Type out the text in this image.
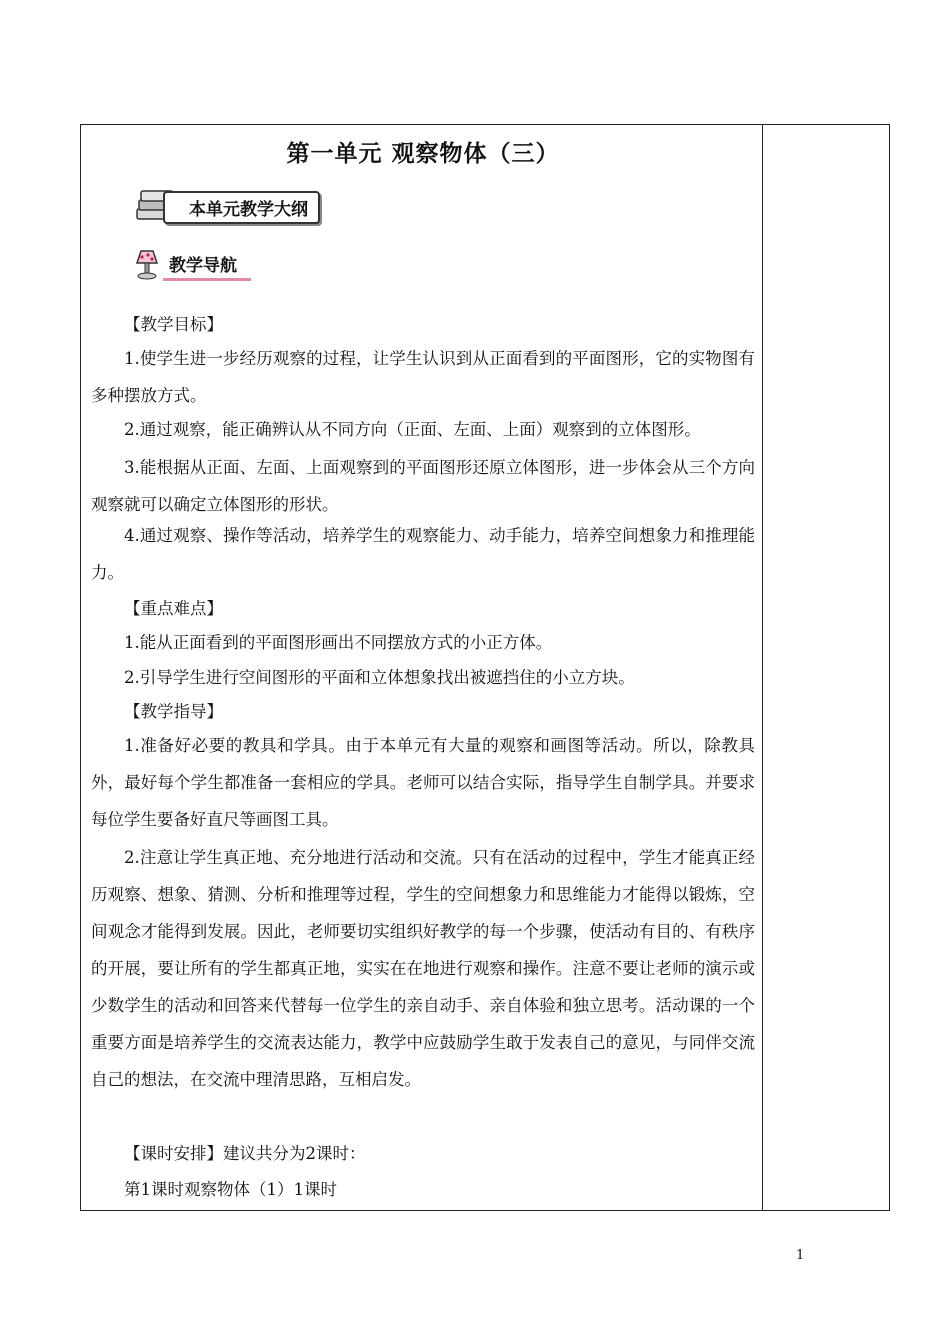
第一单元 观察物体（三）
本单元教学大纲
教学导航
【教学目标】
1.使学生进一步经历观察的过程，让学生认识到从正面看到的平面图形，它的实物图有多种摆放方式。
2.通过观察，能正确辨认从不同方向（正面、左面、上面）观察到的立体图形。
3.能根据从正面、左面、上面观察到的平面图形还原立体图形，进一步体会从三个方向观察就可以确定立体图形的形状。
4.通过观察、操作等活动，培养学生的观察能力、动手能力，培养空间想象力和推理能力。
【重点难点】
1.能从正面看到的平面图形画出不同摆放方式的小正方体。
2.引导学生进行空间图形的平面和立体想象找出被遮挡住的小立方块。
【教学指导】
1.准备好必要的教具和学具。由于本单元有大量的观察和画图等活动。所以，除教具外，最好每个学生都准备一套相应的学具。老师可以结合实际，指导学生自制学具。并要求每位学生要备好直尺等画图工具。
2.注意让学生真正地、充分地进行活动和交流。只有在活动的过程中，学生才能真正经历观察、想象、猜测、分析和推理等过程，学生的空间想象力和思维能力才能得以锻炼，空间观念才能得到发展。因此，老师要切实组织好教学的每一个步骤，使活动有目的、有秩序的开展，要让所有的学生都真正地，实实在在地进行观察和操作。注意不要让老师的演示或少数学生的活动和回答来代替每一位学生的亲自动手、亲自体验和独立思考。活动课的一个重要方面是培养学生的交流表达能力，教学中应鼓励学生敢于发表自己的意见，与同伴交流自己的想法，在交流中理清思路，互相启发。
【课时安排】建议共分为2课时：
第1课时观察物体（1）1课时
1
